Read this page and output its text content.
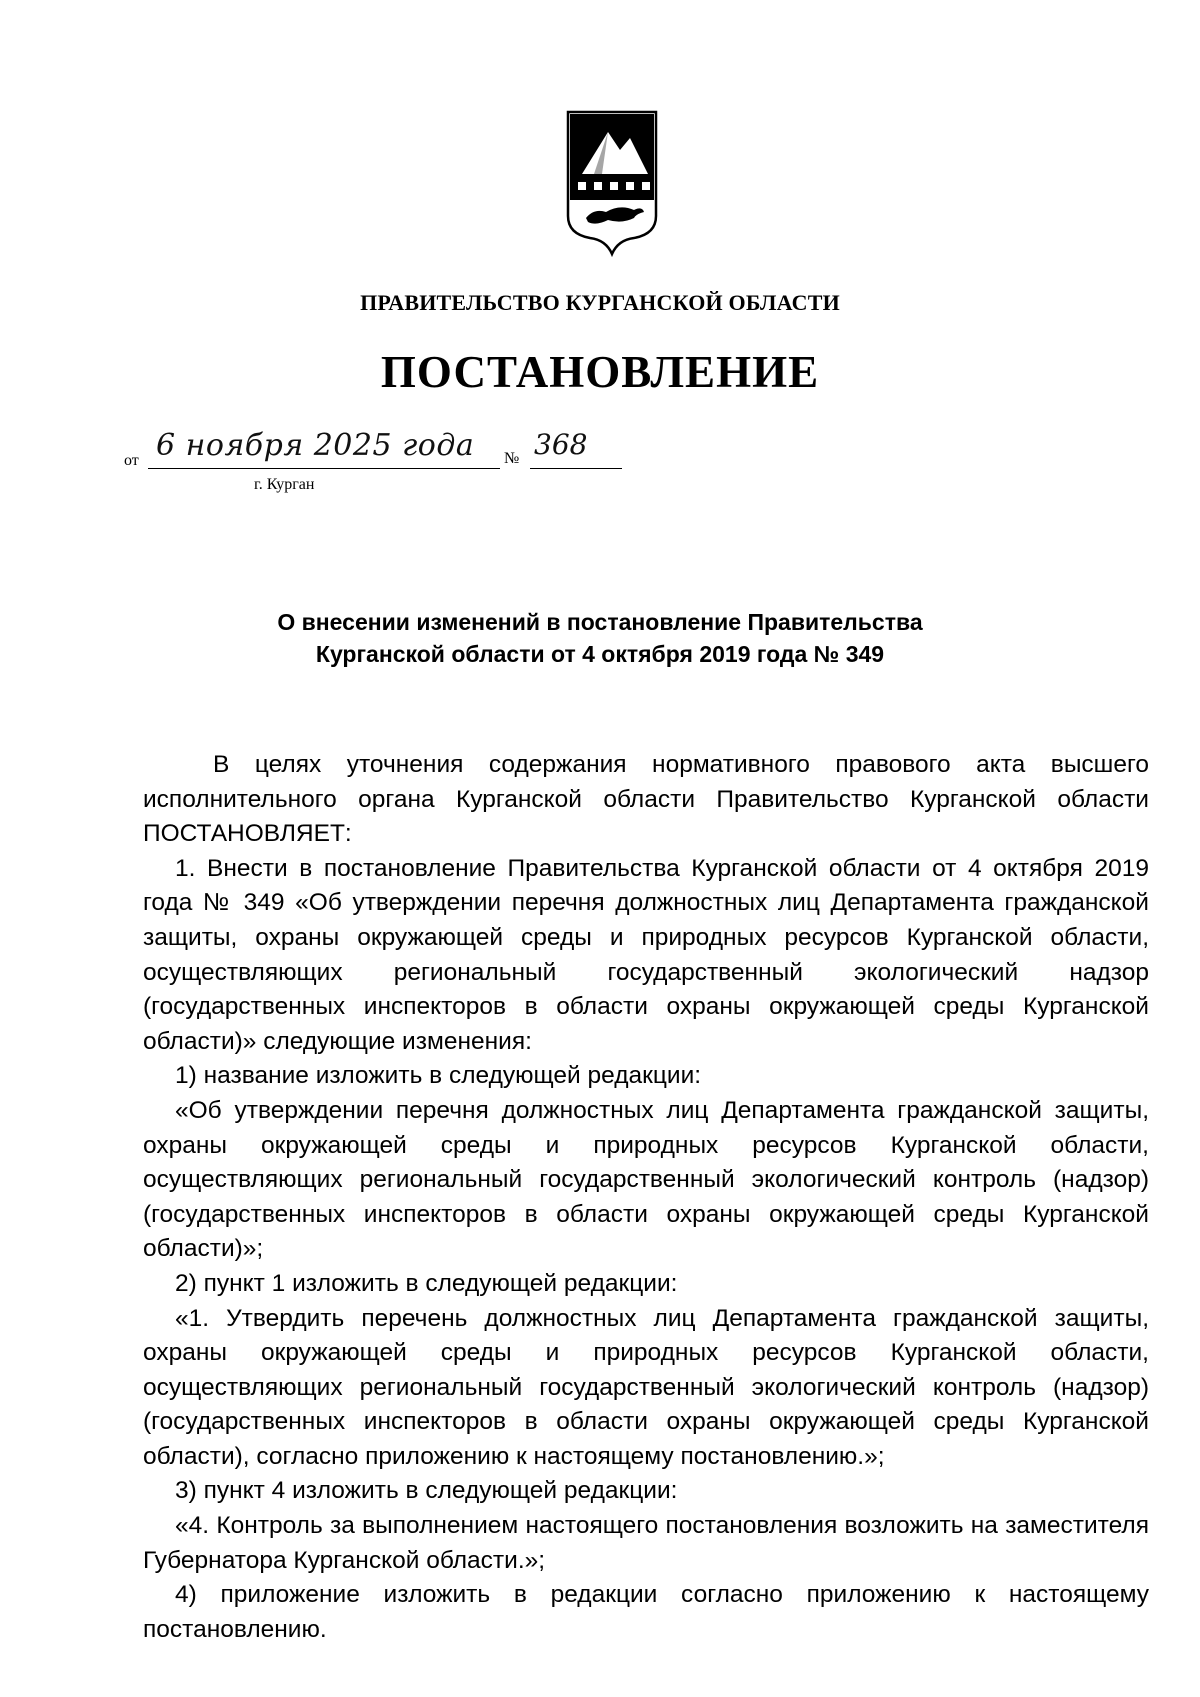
ПРАВИТЕЛЬСТВО КУРГАНСКОЙ ОБЛАСТИ
ПОСТАНОВЛЕНИЕ
от 6 ноября 2025 года № 368
г. Курган
О внесении изменений в постановление Правительства
Курганской области от 4 октября 2019 года № 349

В целях уточнения содержания нормативного правового акта высшего исполнительного органа Курганской области Правительство Курганской области ПОСТАНОВЛЯЕТ:

1. Внести в постановление Правительства Курганской области от 4 октября 2019 года № 349 «Об утверждении перечня должностных лиц Департамента гражданской защиты, охраны окружающей среды и природных ресурсов Курганской области, осуществляющих региональный государственный экологический надзор (государственных инспекторов в области охраны окружающей среды Курганской области)» следующие изменения:

1) название изложить в следующей редакции:

«Об утверждении перечня должностных лиц Департамента гражданской защиты, охраны окружающей среды и природных ресурсов Курганской области, осуществляющих региональный государственный экологический контроль (надзор) (государственных инспекторов в области охраны окружающей среды Курганской области)»;

2) пункт 1 изложить в следующей редакции:

«1. Утвердить перечень должностных лиц Департамента гражданской защиты, охраны окружающей среды и природных ресурсов Курганской области, осуществляющих региональный государственный экологический контроль (надзор) (государственных инспекторов в области охраны окружающей среды Курганской области), согласно приложению к настоящему постановлению.»;

3) пункт 4 изложить в следующей редакции:

«4. Контроль за выполнением настоящего постановления возложить на заместителя Губернатора Курганской области.»;

4) приложение изложить в редакции согласно приложению к настоящему постановлению.
